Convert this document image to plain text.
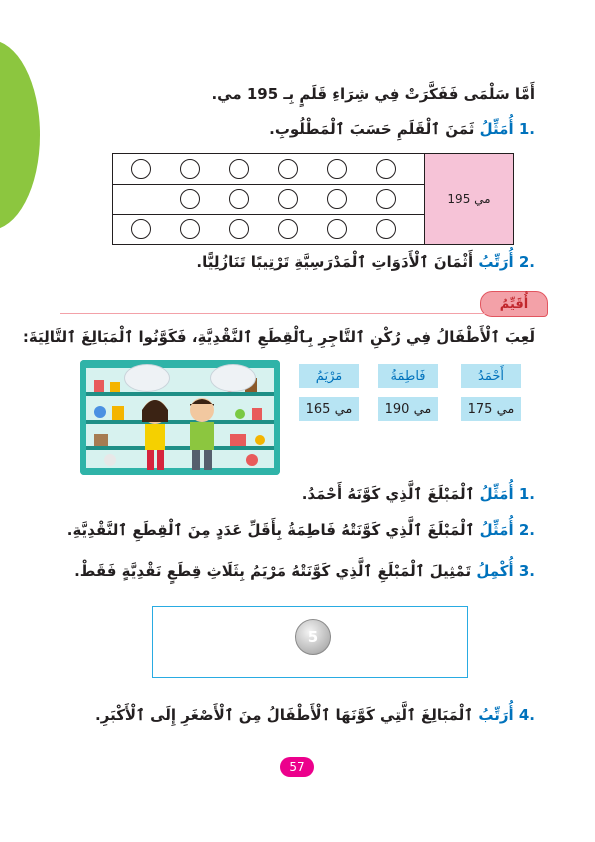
أَمَّا سَلْمَى فَفَكَّرَتْ فِي شِرَاءِ قَلَمٍ بِـ 195 مي.
.1 أُمَثِّلُ ثَمَنَ ٱلْقَلَمِ حَسَبَ ٱلْمَطْلُوبِ.
195 مي
.2 أُرَتِّبُ أَثْمَانَ ٱلْأَدَوَاتِ ٱلْمَدْرَسِيَّةِ تَرْتِيبًا تَنَازُلِيًّا.
أُقَيِّمُ
لَعِبَ ٱلْأَطْفَالُ فِي رُكْنِ ٱلتَّاجِرِ بِٱلْقِطَعِ ٱلنَّقْدِيَّةِ، فَكَوَّنُوا ٱلْمَبَالِغَ ٱلتَّالِيَةَ:
أَحْمَدُ
175 مي
فَاطِمَةُ
190 مي
مَرْيَمُ
165 مي
.1 أُمَثِّلُ ٱلْمَبْلَغَ ٱلَّذِي كَوَّنَهُ أَحْمَدُ.
.2 أُمَثِّلُ ٱلْمَبْلَغَ ٱلَّذِي كَوَّنَتْهُ فَاطِمَةُ بِأَقَلِّ عَدَدٍ مِنَ ٱلْقِطَعِ ٱلنَّقْدِيَّةِ.
.3 أُكْمِلُ تَمْثِيلَ ٱلْمَبْلَغِ ٱلَّذِي كَوَّنَتْهُ مَرْيَمُ بِثَلَاثِ قِطَعٍ نَقْدِيَّةٍ فَقَطْ.
5
.4 أُرَتِّبُ ٱلْمَبَالِغَ ٱلَّتِي كَوَّنَهَا ٱلْأَطْفَالُ مِنَ ٱلْأَصْغَرِ إِلَى ٱلْأَكْبَرِ.
57
